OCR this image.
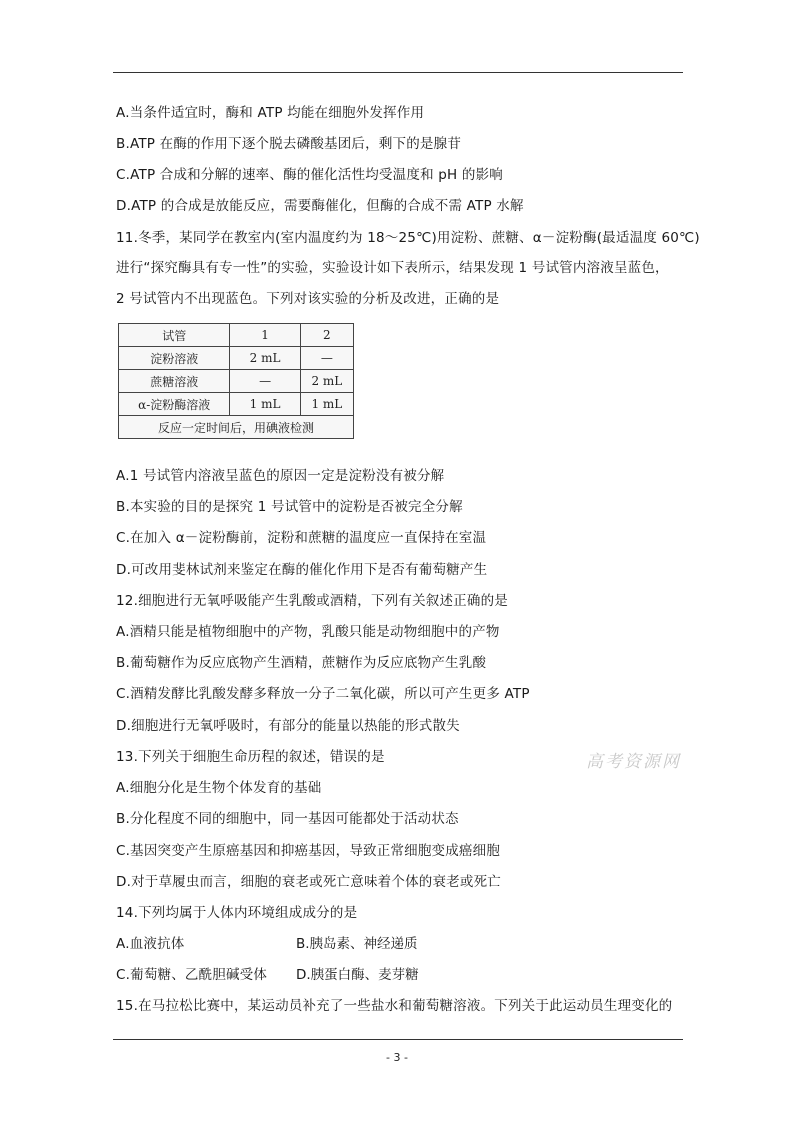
A.当条件适宜时，酶和 ATP 均能在细胞外发挥作用
B.ATP 在酶的作用下逐个脱去磷酸基团后，剩下的是腺苷
C.ATP 合成和分解的速率、酶的催化活性均受温度和 pH 的影响
D.ATP 的合成是放能反应，需要酶催化，但酶的合成不需 ATP 水解
11.冬季，某同学在教室内(室内温度约为 18～25℃)用淀粉、蔗糖、α－淀粉酶(最适温度 60℃)
进行“探究酶具有专一性”的实验，实验设计如下表所示，结果发现 1 号试管内溶液呈蓝色，
2 号试管内不出现蓝色。下列对该实验的分析及改进，正确的是
试管	1	2
淀粉溶液	2 mL	—
蔗糖溶液	—	2 mL
α-淀粉酶溶液	1 mL	1 mL
反应一定时间后，用碘液检测		
A.1 号试管内溶液呈蓝色的原因一定是淀粉没有被分解
B.本实验的目的是探究 1 号试管中的淀粉是否被完全分解
C.在加入 α－淀粉酶前，淀粉和蔗糖的温度应一直保持在室温
D.可改用斐林试剂来鉴定在酶的催化作用下是否有葡萄糖产生
12.细胞进行无氧呼吸能产生乳酸或酒精，下列有关叙述正确的是
A.酒精只能是植物细胞中的产物，乳酸只能是动物细胞中的产物
B.葡萄糖作为反应底物产生酒精，蔗糖作为反应底物产生乳酸
C.酒精发酵比乳酸发酵多释放一分子二氧化碳，所以可产生更多 ATP
D.细胞进行无氧呼吸时，有部分的能量以热能的形式散失
13.下列关于细胞生命历程的叙述，错误的是
A.细胞分化是生物个体发育的基础
B.分化程度不同的细胞中，同一基因可能都处于活动状态
C.基因突变产生原癌基因和抑癌基因，导致正常细胞变成癌细胞
D.对于草履虫而言，细胞的衰老或死亡意味着个体的衰老或死亡
14.下列均属于人体内环境组成成分的是
A.血液抗体	B.胰岛素、神经递质
C.葡萄糖、乙酰胆碱受体 D.胰蛋白酶、麦芽糖
15.在马拉松比赛中，某运动员补充了一些盐水和葡萄糖溶液。下列关于此运动员生理变化的
高考资源网
- 3 -
